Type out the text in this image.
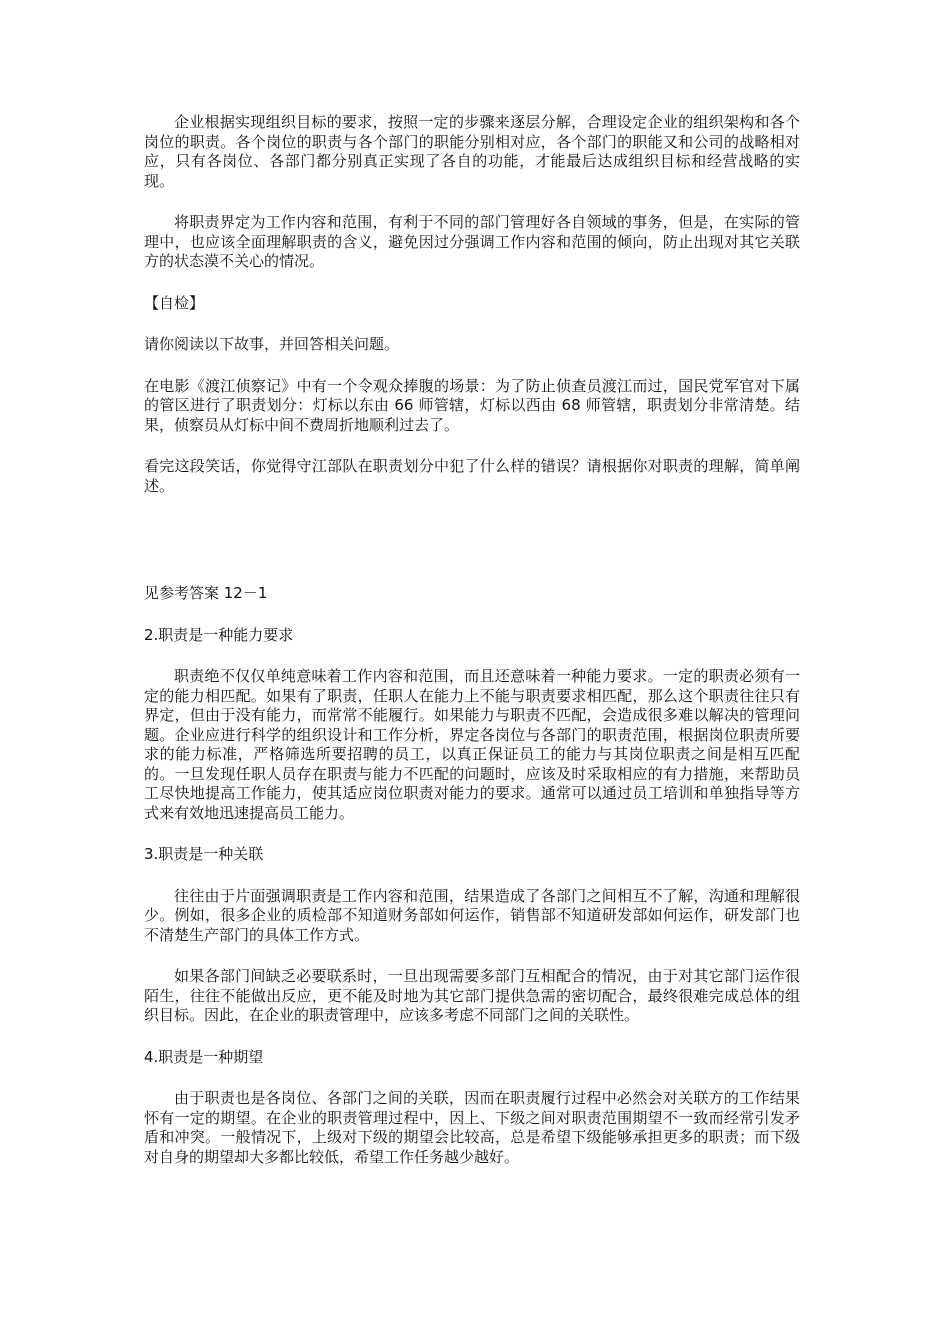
企业根据实现组织目标的要求，按照一定的步骤来逐层分解，合理设定企业的组织架构和各个岗位的职责。各个岗位的职责与各个部门的职能分别相对应，各个部门的职能又和公司的战略相对应，只有各岗位、各部门都分别真正实现了各自的功能，才能最后达成组织目标和经营战略的实现。

将职责界定为工作内容和范围，有利于不同的部门管理好各自领域的事务，但是，在实际的管理中，也应该全面理解职责的含义，避免因过分强调工作内容和范围的倾向，防止出现对其它关联方的状态漠不关心的情况。

【自检】

请你阅读以下故事，并回答相关问题。

在电影《渡江侦察记》中有一个令观众捧腹的场景：为了防止侦查员渡江而过，国民党军官对下属的管区进行了职责划分：灯标以东由 66 师管辖，灯标以西由 68 师管辖，职责划分非常清楚。结果，侦察员从灯标中间不费周折地顺利过去了。

看完这段笑话，你觉得守江部队在职责划分中犯了什么样的错误？请根据你对职责的理解，简单阐述。

见参考答案 12－1

2.职责是一种能力要求

职责绝不仅仅单纯意味着工作内容和范围，而且还意味着一种能力要求。一定的职责必须有一定的能力相匹配。如果有了职责，任职人在能力上不能与职责要求相匹配，那么这个职责往往只有界定，但由于没有能力，而常常不能履行。如果能力与职责不匹配，会造成很多难以解决的管理问题。企业应进行科学的组织设计和工作分析，界定各岗位与各部门的职责范围，根据岗位职责所要求的能力标准，严格筛选所要招聘的员工，以真正保证员工的能力与其岗位职责之间是相互匹配的。一旦发现任职人员存在职责与能力不匹配的问题时，应该及时采取相应的有力措施，来帮助员工尽快地提高工作能力，使其适应岗位职责对能力的要求。通常可以通过员工培训和单独指导等方式来有效地迅速提高员工能力。

3.职责是一种关联

往往由于片面强调职责是工作内容和范围，结果造成了各部门之间相互不了解，沟通和理解很少。例如，很多企业的质检部不知道财务部如何运作，销售部不知道研发部如何运作，研发部门也不清楚生产部门的具体工作方式。

如果各部门间缺乏必要联系时，一旦出现需要多部门互相配合的情况，由于对其它部门运作很陌生，往往不能做出反应，更不能及时地为其它部门提供急需的密切配合，最终很难完成总体的组织目标。因此，在企业的职责管理中，应该多考虑不同部门之间的关联性。

4.职责是一种期望

由于职责也是各岗位、各部门之间的关联，因而在职责履行过程中必然会对关联方的工作结果怀有一定的期望。在企业的职责管理过程中，因上、下级之间对职责范围期望不一致而经常引发矛盾和冲突。一般情况下，上级对下级的期望会比较高，总是希望下级能够承担更多的职责；而下级对自身的期望却大多都比较低，希望工作任务越少越好。
